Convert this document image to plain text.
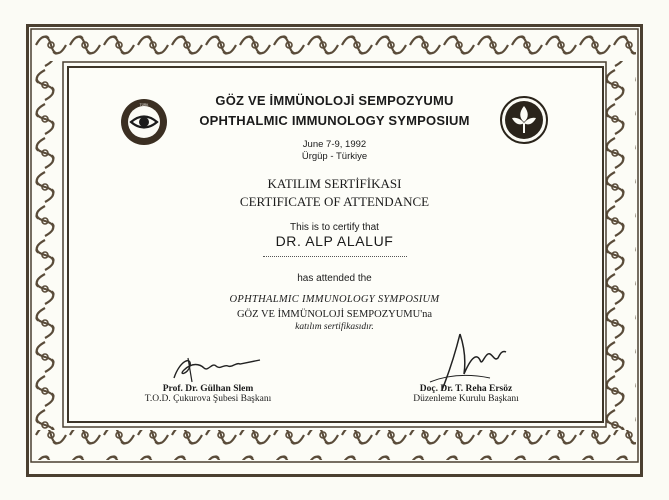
TÜRK	GÖZ VE İMMÜNOLOJİ SEMPOZYUMU
OPHTHALMIC IMMUNOLOGY SYMPOSIUM
June 7-9, 1992
Ürgüp - Türkiye
KATILIM SERTİFİKASI
CERTIFICATE OF ATTENDANCE
This is to certify that
DR. ALP ALALUF
has attended the
OPHTHALMIC IMMUNOLOGY SYMPOSIUM
GÖZ VE İMMÜNOLOJİ SEMPOZYUMU'na
katılım sertifikasıdır.
Prof. Dr. Gülhan Slem
T.O.D. Çukurova Şubesi Başkanı
Doç. Dr. T. Reha Ersöz
Düzenleme Kurulu Başkanı
